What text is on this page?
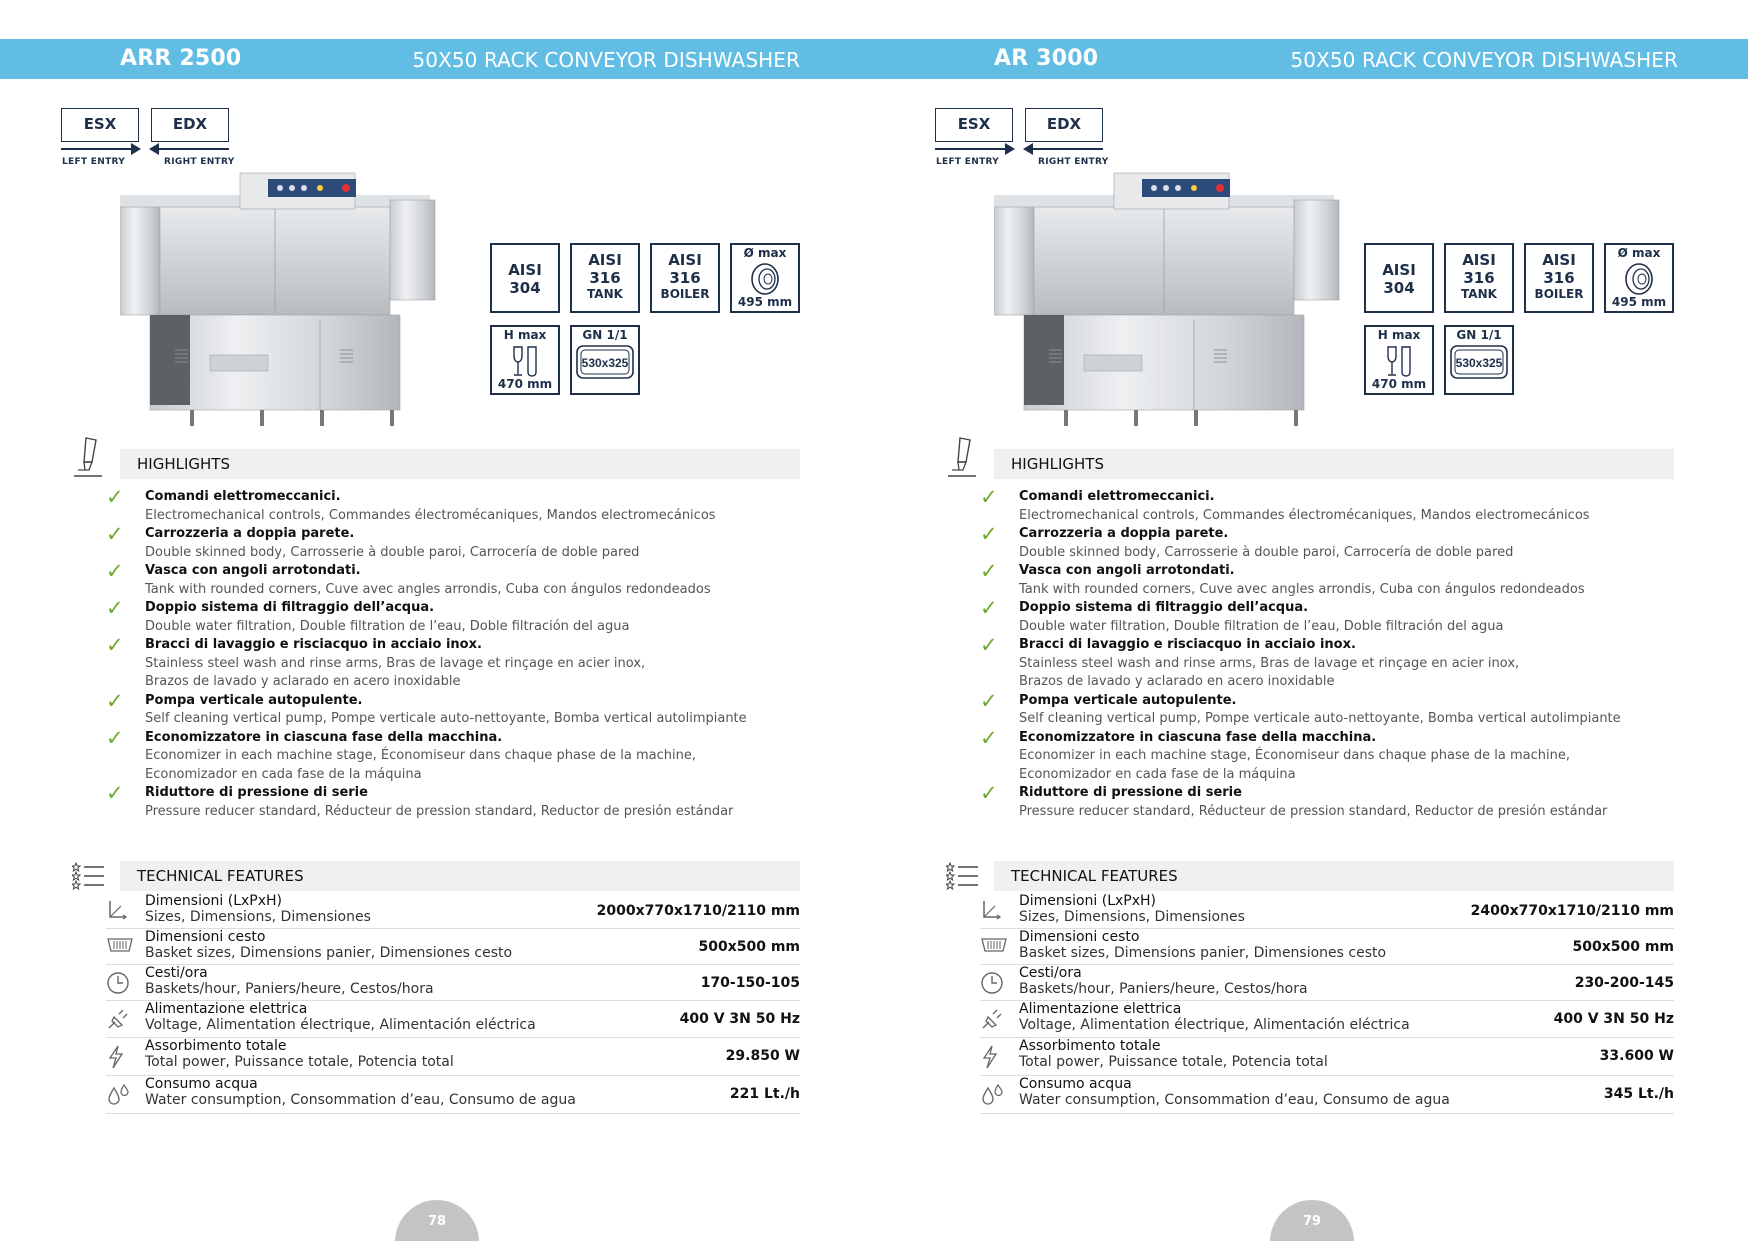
ARR 2500	50X50 RACK CONVEYOR DISHWASHER
ESX	EDX
LEFT ENTRY	RIGHT ENTRY
AISI
304
AISI
316
TANK
AISI
316
BOILER
Ø max
495 mm
H max
470 mm
GN 1/1
530x325
HIGHLIGHTS
✓ Comandi elettromeccanici.
Electromechanical controls, Commandes électromécaniques, Mandos electromecánicos
✓ Carrozzeria a doppia parete.
Double skinned body, Carrosserie à double paroi, Carrocería de doble pared
✓ Vasca con angoli arrotondati.
Tank with rounded corners, Cuve avec angles arrondis, Cuba con ángulos redondeados
✓ Doppio sistema di filtraggio dell’acqua.
Double water filtration, Double filtration de l’eau, Doble filtración del agua
✓ Bracci di lavaggio e risciacquo in acciaio inox.
Stainless steel wash and rinse arms, Bras de lavage et rinçage en acier inox,
Brazos de lavado y aclarado en acero inoxidable
✓ Pompa verticale autopulente.
Self cleaning vertical pump, Pompe verticale auto-nettoyante, Bomba vertical autolimpiante
✓ Economizzatore in ciascuna fase della macchina.
Economizer in each machine stage, Économiseur dans chaque phase de la machine,
Economizador en cada fase de la máquina
✓ Riduttore di pressione di serie
Pressure reducer standard, Réducteur de pression standard, Reductor de presión estándar
TECHNICAL FEATURES
Dimensioni (LxPxH)
Sizes, Dimensions, Dimensiones	2000x770x1710/2110 mm
Dimensioni cesto
Basket sizes, Dimensions panier, Dimensiones cesto	500x500 mm
Cesti/ora
Baskets/hour, Paniers/heure, Cestos/hora	170-150-105
Alimentazione elettrica
Voltage, Alimentation électrique, Alimentación eléctrica	400 V 3N 50 Hz
Assorbimento totale
Total power, Puissance totale, Potencia total	29.850 W
Consumo acqua
Water consumption, Consommation d’eau, Consumo de agua	221 Lt./h
78
AR 3000	50X50 RACK CONVEYOR DISHWASHER
ESX	EDX
LEFT ENTRY	RIGHT ENTRY
AISI
304
AISI
316
TANK
AISI
316
BOILER
Ø max
495 mm
H max
470 mm
GN 1/1
530x325
HIGHLIGHTS
✓ Comandi elettromeccanici.
Electromechanical controls, Commandes électromécaniques, Mandos electromecánicos
✓ Carrozzeria a doppia parete.
Double skinned body, Carrosserie à double paroi, Carrocería de doble pared
✓ Vasca con angoli arrotondati.
Tank with rounded corners, Cuve avec angles arrondis, Cuba con ángulos redondeados
✓ Doppio sistema di filtraggio dell’acqua.
Double water filtration, Double filtration de l’eau, Doble filtración del agua
✓ Bracci di lavaggio e risciacquo in acciaio inox.
Stainless steel wash and rinse arms, Bras de lavage et rinçage en acier inox,
Brazos de lavado y aclarado en acero inoxidable
✓ Pompa verticale autopulente.
Self cleaning vertical pump, Pompe verticale auto-nettoyante, Bomba vertical autolimpiante
✓ Economizzatore in ciascuna fase della macchina.
Economizer in each machine stage, Économiseur dans chaque phase de la machine,
Economizador en cada fase de la máquina
✓ Riduttore di pressione di serie
Pressure reducer standard, Réducteur de pression standard, Reductor de presión estándar
TECHNICAL FEATURES
Dimensioni (LxPxH)
Sizes, Dimensions, Dimensiones	2400x770x1710/2110 mm
Dimensioni cesto
Basket sizes, Dimensions panier, Dimensiones cesto	500x500 mm
Cesti/ora
Baskets/hour, Paniers/heure, Cestos/hora	230-200-145
Alimentazione elettrica
Voltage, Alimentation électrique, Alimentación eléctrica	400 V 3N 50 Hz
Assorbimento totale
Total power, Puissance totale, Potencia total	33.600 W
Consumo acqua
Water consumption, Consommation d’eau, Consumo de agua	345 Lt./h
79
